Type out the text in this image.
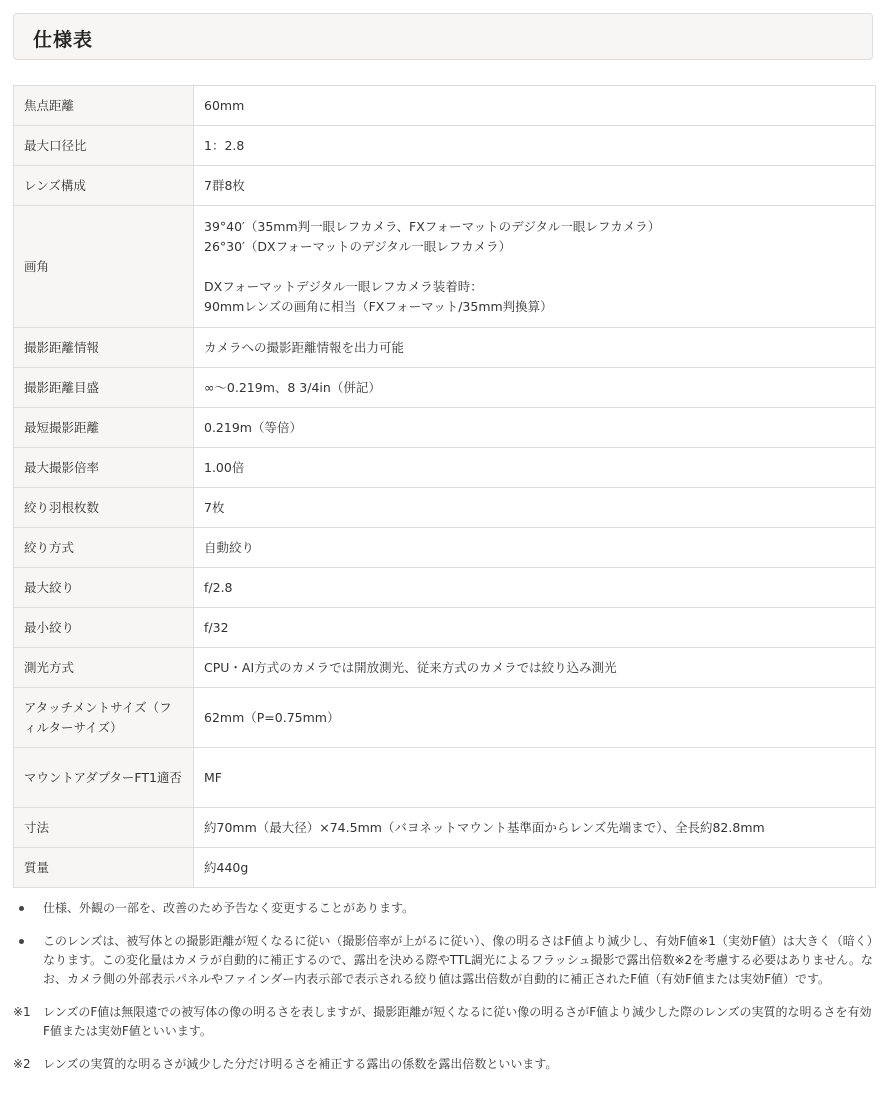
仕様表
焦点距離	60mm

最大口径比	1：2.8

レンズ構成	7群8枚

画角	39°40′（35mm判一眼レフカメラ、FXフォーマットのデジタル一眼レフカメラ）
26°30′（DXフォーマットのデジタル一眼レフカメラ）
DXフォーマットデジタル一眼レフカメラ装着時：
90mmレンズの画角に相当（FXフォーマット/35mm判換算）

撮影距離情報	カメラへの撮影距離情報を出力可能

撮影距離目盛	∞～0.219m、8 3/4in（併記）

最短撮影距離	0.219m（等倍）

最大撮影倍率	1.00倍

絞り羽根枚数	7枚

絞り方式	自動絞り

最大絞り	f/2.8

最小絞り	f/32

測光方式	CPU・AI方式のカメラでは開放測光、従来方式のカメラでは絞り込み測光

アタッチメントサイズ（フィルターサイズ）	62mm（P=0.75mm）

マウントアダプターFT1適否	MF

寸法	約70mm（最大径）×74.5mm（バヨネットマウント基準面からレンズ先端まで）、全長約82.8mm

質量	約440g
仕様、外観の一部を、改善のため予告なく変更することがあります。
このレンズは、被写体との撮影距離が短くなるに従い（撮影倍率が上がるに従い）、像の明るさはF値より減少し、有効F値※1（実効F値）は大きく（暗く）なります。この変化量はカメラが自動的に補正するので、露出を決める際やTTL調光によるフラッシュ撮影で露出倍数※2を考慮する必要はありません。なお、カメラ側の外部表示パネルやファインダー内表示部で表示される絞り値は露出倍数が自動的に補正されたF値（有効F値または実効F値）です。
※1 レンズのF値は無限遠での被写体の像の明るさを表しますが、撮影距離が短くなるに従い像の明るさがF値より減少した際のレンズの実質的な明るさを有効F値または実効F値といいます。
※2 レンズの実質的な明るさが減少した分だけ明るさを補正する露出の係数を露出倍数といいます。
